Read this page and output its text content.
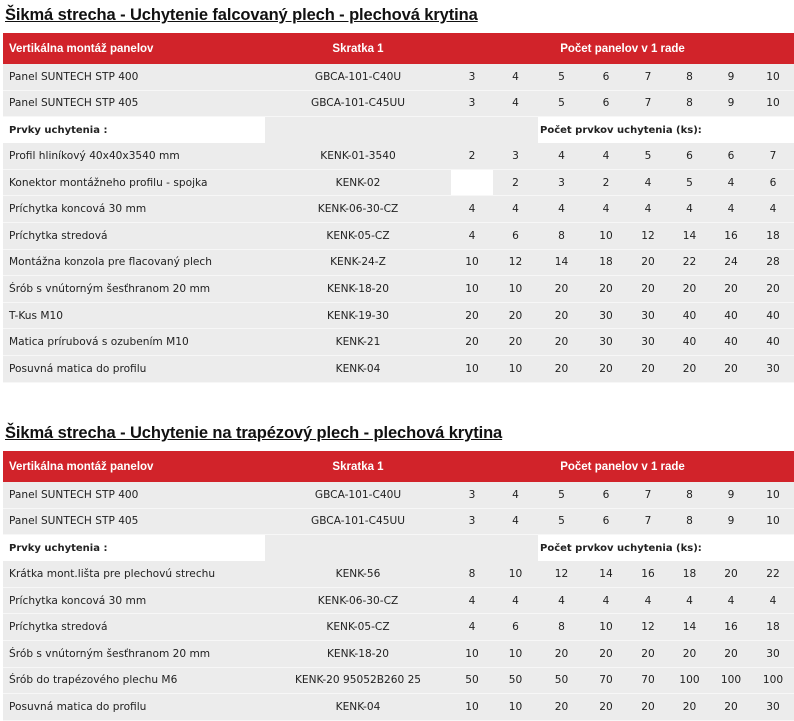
Šikmá strecha - Uchytenie falcovaný plech - plechová krytina
Vertikálna montáž panelov	Skratka 1	Počet panelov v 1 rade							
Panel SUNTECH STP 400	GBCA-101-C40U	3	4	5	6	7	8	9	10
Panel SUNTECH STP 405	GBCA-101-C45UU	3	4	5	6	7	8	9	10
Prvky uchytenia :				Počet prvkov uchytenia (ks):					
Profil hliníkový 40x40x3540 mm	KENK-01-3540	2	3	4	4	5	6	6	7
Konektor montážneho profilu - spojka	KENK-02		2	3	2	4	5	4	6
Príchytka koncová 30 mm	KENK-06-30-CZ	4	4	4	4	4	4	4	4
Príchytka stredová	KENK-05-CZ	4	6	8	10	12	14	16	18
Montážna konzola pre flacovaný plech	KENK-24-Z	10	12	14	18	20	22	24	28
Śrób s vnútorným šesťhranom 20 mm	KENK-18-20	10	10	20	20	20	20	20	20
T-Kus M10	KENK-19-30	20	20	20	30	30	40	40	40
Matica prírubová s ozubením M10	KENK-21	20	20	20	30	30	40	40	40
Posuvná matica do profilu	KENK-04	10	10	20	20	20	20	20	30
Šikmá strecha - Uchytenie na trapézový plech - plechová krytina
Vertikálna montáž panelov	Skratka 1	Počet panelov v 1 rade							
Panel SUNTECH STP 400	GBCA-101-C40U	3	4	5	6	7	8	9	10
Panel SUNTECH STP 405	GBCA-101-C45UU	3	4	5	6	7	8	9	10
Prvky uchytenia :				Počet prvkov uchytenia (ks):					
Krátka mont.lišta pre plechovú strechu	KENK-56	8	10	12	14	16	18	20	22
Príchytka koncová 30 mm	KENK-06-30-CZ	4	4	4	4	4	4	4	4
Príchytka stredová	KENK-05-CZ	4	6	8	10	12	14	16	18
Śrób s vnútorným šesťhranom 20 mm	KENK-18-20	10	10	20	20	20	20	20	30
Śrób do trapézového plechu M6	KENK-20 95052B260 25	50	50	50	70	70	100	100	100
Posuvná matica do profilu	KENK-04	10	10	20	20	20	20	20	30
